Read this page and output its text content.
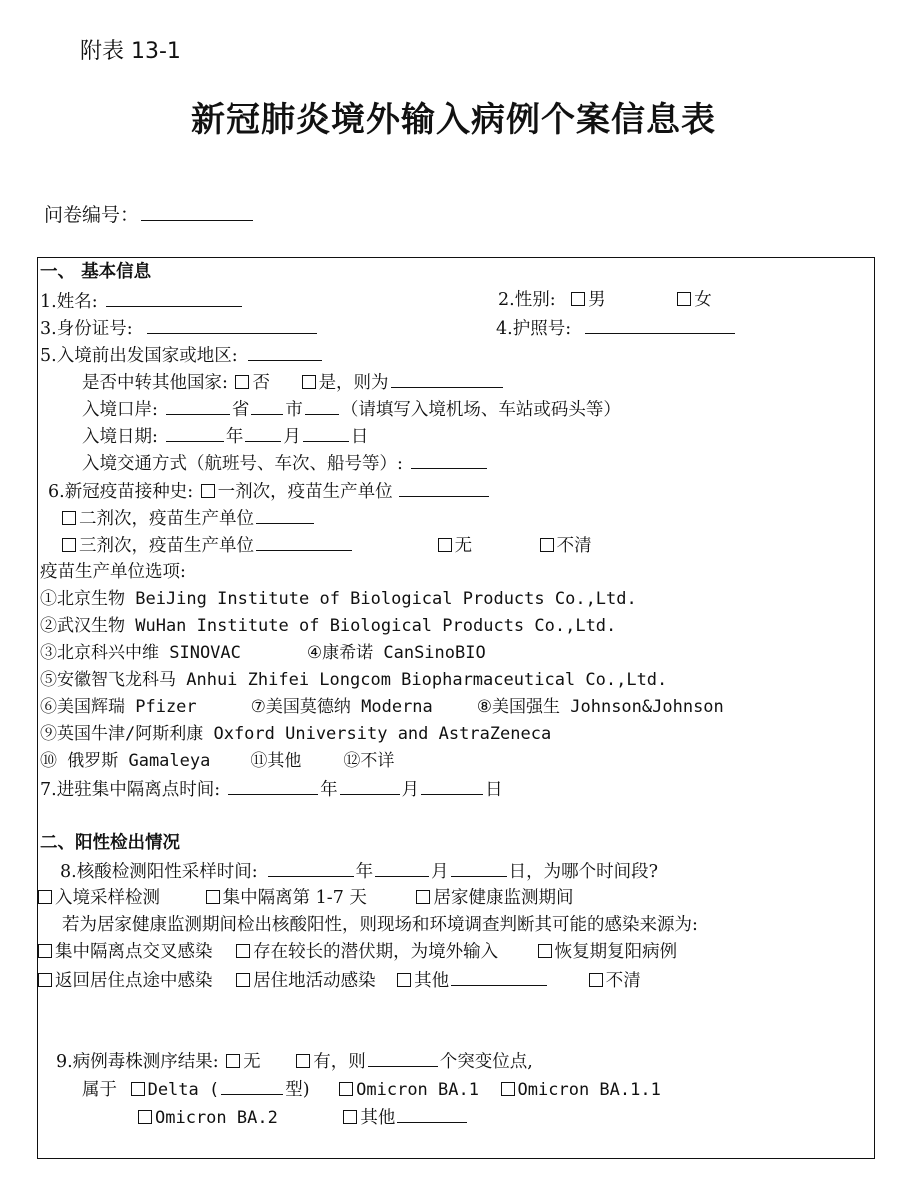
附表 13-1
新冠肺炎境外输入病例个案信息表
问卷编号：
一、 基本信息
1.姓名:	2.性别: 男	女
3.身份证号:	4.护照号:
5.入境前出发国家或地区:
是否中转其他国家: 否	是，则为
入境口岸:	省 市 （请填写入境机场、车站或码头等）
入境日期:	年 月	日
入境交通方式（航班号、车次、船号等）:
6.新冠疫苗接种史: 一剂次，疫苗生产单位
二剂次，疫苗生产单位
三剂次，疫苗生产单位	无	不清
疫苗生产单位选项:
①北京生物 BeiJing Institute of Biological Products Co.,Ltd.
②武汉生物 WuHan Institute of Biological Products Co.,Ltd.
③北京科兴中维 SINOVAC	④康希诺 CanSinoBIO
⑤安徽智飞龙科马 Anhui Zhifei Longcom Biopharmaceutical Co.,Ltd.
⑥美国辉瑞 Pfizer	⑦美国莫德纳 Moderna	⑧美国强生 Johnson&Johnson
⑨英国牛津/阿斯利康 Oxford University and AstraZeneca
⑩ 俄罗斯 Gamaleya ⑪其他 ⑫不详
7.进驻集中隔离点时间:	年	月	日
二、阳性检出情况
8.核酸检测阳性采样时间:	年	月	日，为哪个时间段?
入境采样检测	集中隔离第 1-7 天	居家健康监测期间
若为居家健康监测期间检出核酸阳性，则现场和环境调查判断其可能的感染来源为:
集中隔离点交叉感染 存在较长的潜伏期，为境外输入	恢复期复阳病例
返回居住点途中感染 居住地活动感染 其他	不清
9.病例毒株测序结果: 无	有，则	个突变位点,
属于 Delta (	型)	Omicron BA.1 Omicron BA.1.1
Omicron BA.2	其他
